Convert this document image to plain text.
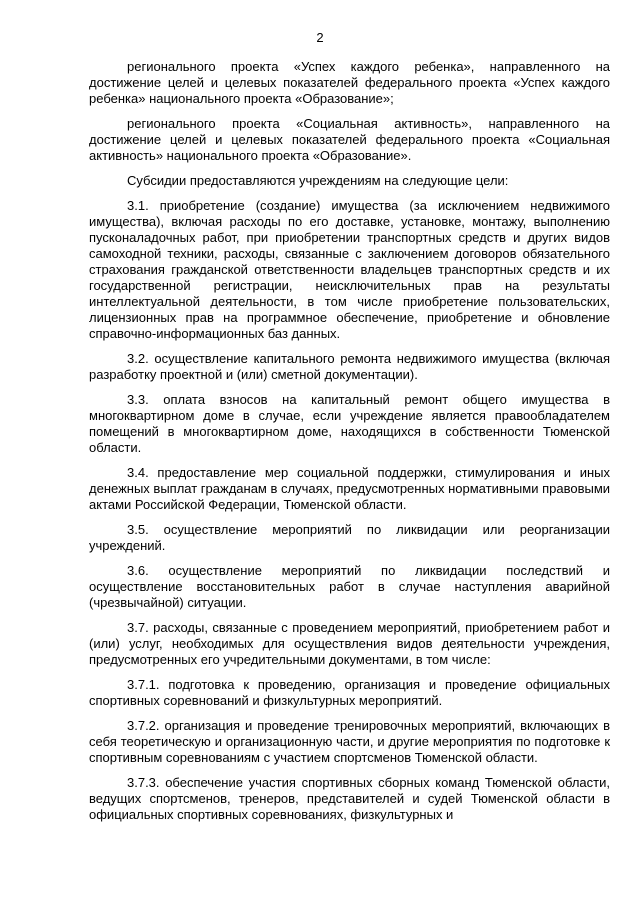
2

регионального проекта «Успех каждого ребенка», направленного на достижение целей и целевых показателей федерального проекта «Успех каждого ребенка» национального проекта «Образование»;

регионального проекта «Социальная активность», направленного на достижение целей и целевых показателей федерального проекта «Социальная активность» национального проекта «Образование».

Субсидии предоставляются учреждениям на следующие цели:

3.1. приобретение (создание) имущества (за исключением недвижимого имущества), включая расходы по его доставке, установке, монтажу, выполнению пусконаладочных работ, при приобретении транспортных средств и других видов самоходной техники, расходы, связанные с заключением договоров обязательного страхования гражданской ответственности владельцев транспортных средств и их государственной регистрации, неисключительных прав на результаты интеллектуальной деятельности, в том числе приобретение пользовательских, лицензионных прав на программное обеспечение, приобретение и обновление справочно-информационных баз данных.

3.2. осуществление капитального ремонта недвижимого имущества (включая разработку проектной и (или) сметной документации).

3.3. оплата взносов на капитальный ремонт общего имущества в многоквартирном доме в случае, если учреждение является правообладателем помещений в многоквартирном доме, находящихся в собственности Тюменской области.

3.4. предоставление мер социальной поддержки, стимулирования и иных денежных выплат гражданам в случаях, предусмотренных нормативными правовыми актами Российской Федерации, Тюменской области.

3.5. осуществление мероприятий по ликвидации или реорганизации учреждений.

3.6. осуществление мероприятий по ликвидации последствий и осуществление восстановительных работ в случае наступления аварийной (чрезвычайной) ситуации.

3.7. расходы, связанные с проведением мероприятий, приобретением работ и (или) услуг, необходимых для осуществления видов деятельности учреждения, предусмотренных его учредительными документами, в том числе:

3.7.1. подготовка к проведению, организация и проведение официальных спортивных соревнований и физкультурных мероприятий.

3.7.2. организация и проведение тренировочных мероприятий, включающих в себя теоретическую и организационную части, и другие мероприятия по подготовке к спортивным соревнованиям с участием спортсменов Тюменской области.

3.7.3. обеспечение участия спортивных сборных команд Тюменской области, ведущих спортсменов, тренеров, представителей и судей Тюменской области в официальных спортивных соревнованиях, физкультурных и
